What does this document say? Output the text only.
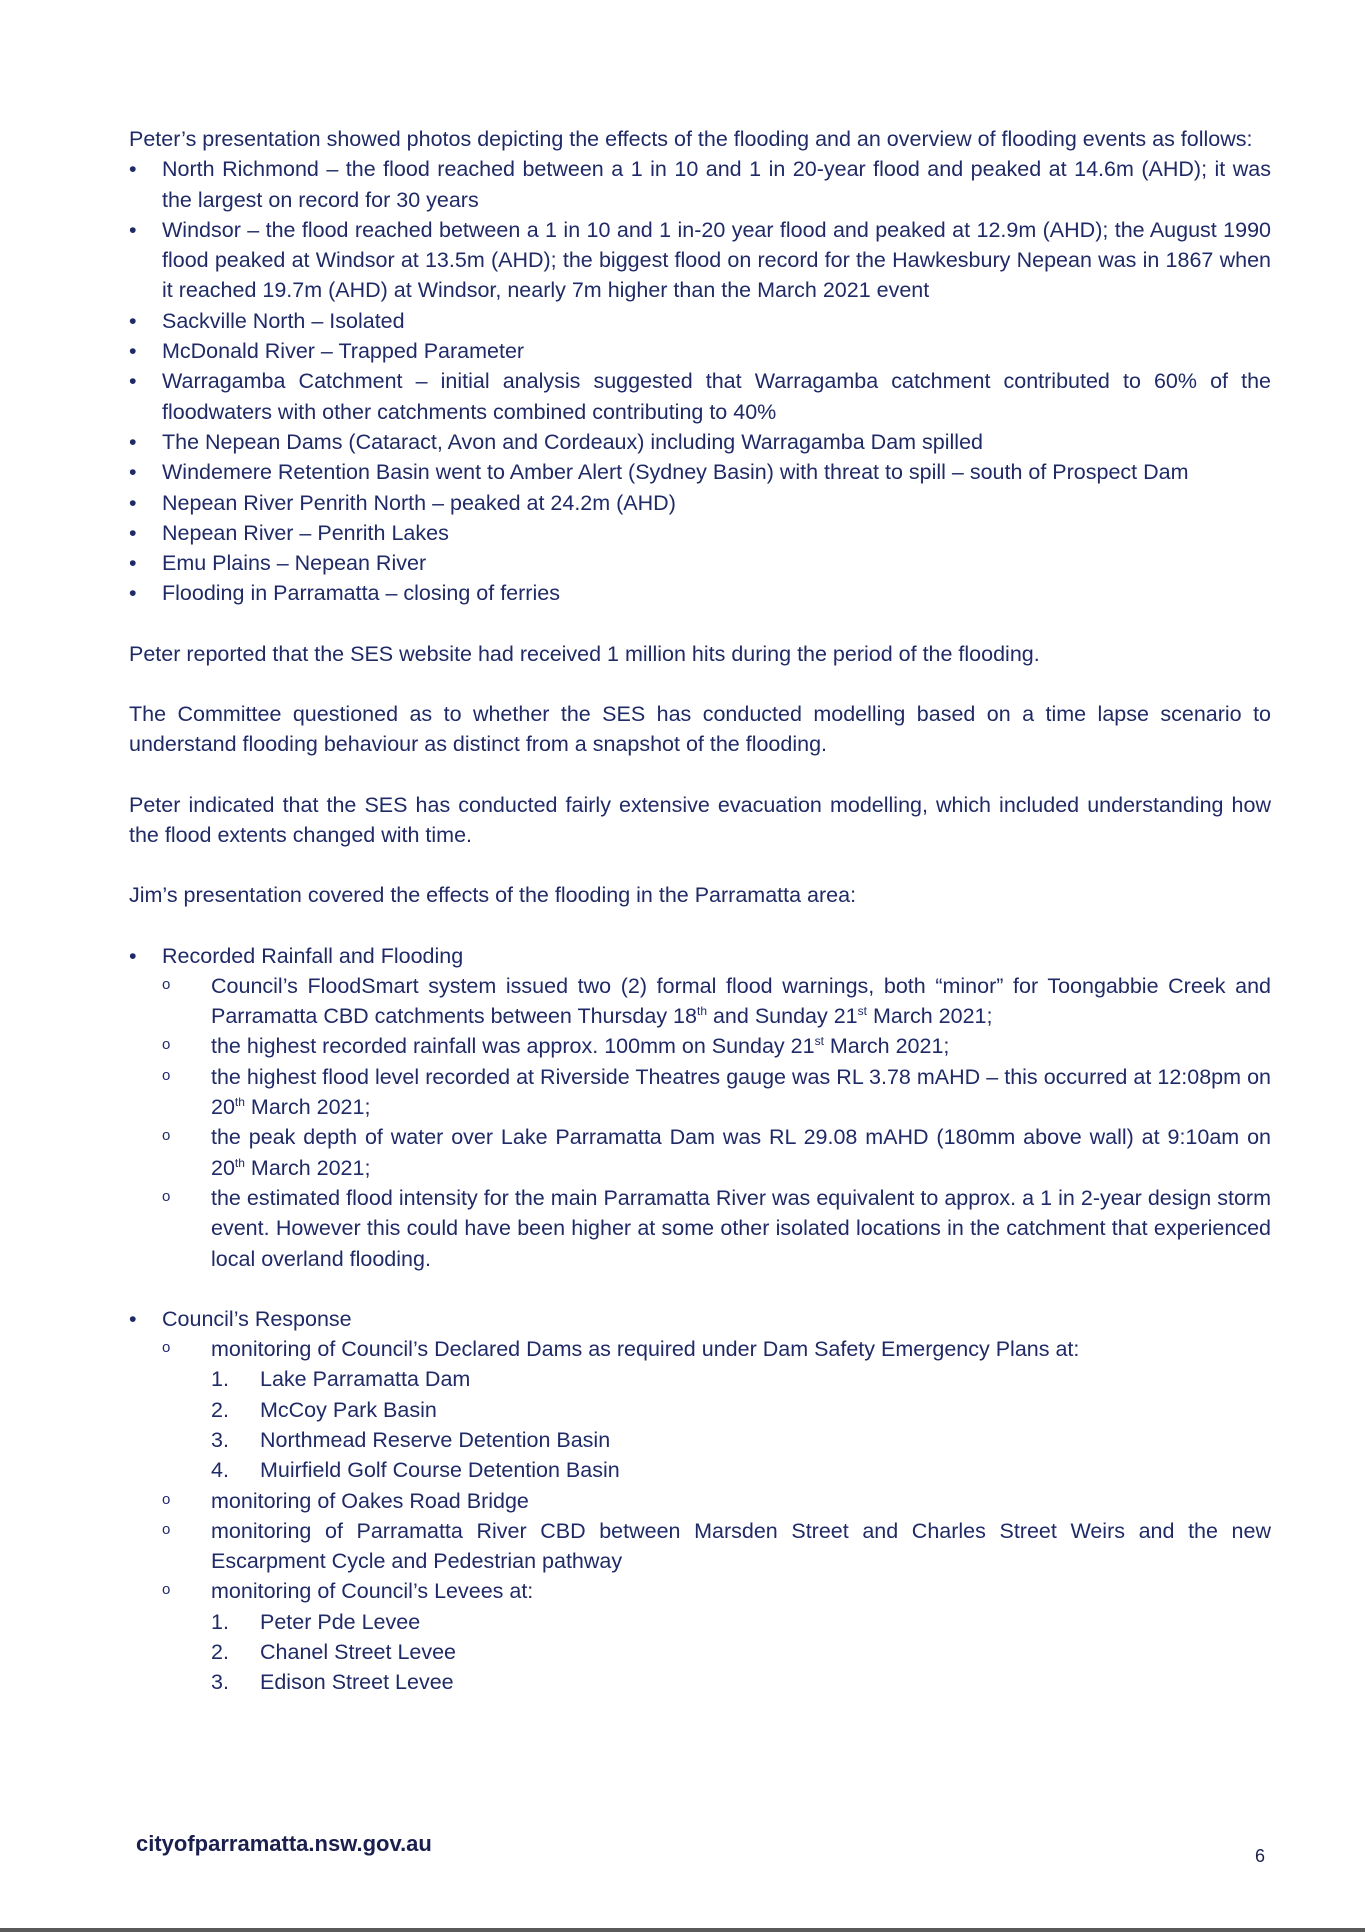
Peter’s presentation showed photos depicting the effects of the flooding and an overview of flooding events as follows:

• North Richmond – the flood reached between a 1 in 10 and 1 in 20-year flood and peaked at 14.6m (AHD); it was the largest on record for 30 years
• Windsor – the flood reached between a 1 in 10 and 1 in-20 year flood and peaked at 12.9m (AHD); the August 1990 flood peaked at Windsor at 13.5m (AHD); the biggest flood on record for the Hawkesbury Nepean was in 1867 when it reached 19.7m (AHD) at Windsor, nearly 7m higher than the March 2021 event
• Sackville North – Isolated
• McDonald River – Trapped Parameter
• Warragamba Catchment – initial analysis suggested that Warragamba catchment contributed to 60% of the floodwaters with other catchments combined contributing to 40%
• The Nepean Dams (Cataract, Avon and Cordeaux) including Warragamba Dam spilled
• Windemere Retention Basin went to Amber Alert (Sydney Basin) with threat to spill – south of Prospect Dam
• Nepean River Penrith North – peaked at 24.2m (AHD)
• Nepean River – Penrith Lakes
• Emu Plains – Nepean River
• Flooding in Parramatta – closing of ferries

Peter reported that the SES website had received 1 million hits during the period of the flooding.

The Committee questioned as to whether the SES has conducted modelling based on a time lapse scenario to understand flooding behaviour as distinct from a snapshot of the flooding.

Peter indicated that the SES has conducted fairly extensive evacuation modelling, which included understanding how the flood extents changed with time.

Jim’s presentation covered the effects of the flooding in the Parramatta area:

• Recorded Rainfall and Flooding
o Council’s FloodSmart system issued two (2) formal flood warnings, both “minor” for Toongabbie Creek and Parramatta CBD catchments between Thursday 18th and Sunday 21st March 2021;
o the highest recorded rainfall was approx. 100mm on Sunday 21st March 2021;
o the highest flood level recorded at Riverside Theatres gauge was RL 3.78 mAHD – this occurred at 12:08pm on 20th March 2021;
o the peak depth of water over Lake Parramatta Dam was RL 29.08 mAHD (180mm above wall) at 9:10am on 20th March 2021;
o the estimated flood intensity for the main Parramatta River was equivalent to approx. a 1 in 2-year design storm event. However this could have been higher at some other isolated locations in the catchment that experienced local overland flooding.
• Council’s Response
o monitoring of Council’s Declared Dams as required under Dam Safety Emergency Plans at:
1. Lake Parramatta Dam
2. McCoy Park Basin
3. Northmead Reserve Detention Basin
4. Muirfield Golf Course Detention Basin
o monitoring of Oakes Road Bridge
o monitoring of Parramatta River CBD between Marsden Street and Charles Street Weirs and the new Escarpment Cycle and Pedestrian pathway
o monitoring of Council’s Levees at:
1. Peter Pde Levee
2. Chanel Street Levee
3. Edison Street Levee
cityofparramatta.nsw.gov.au	6
